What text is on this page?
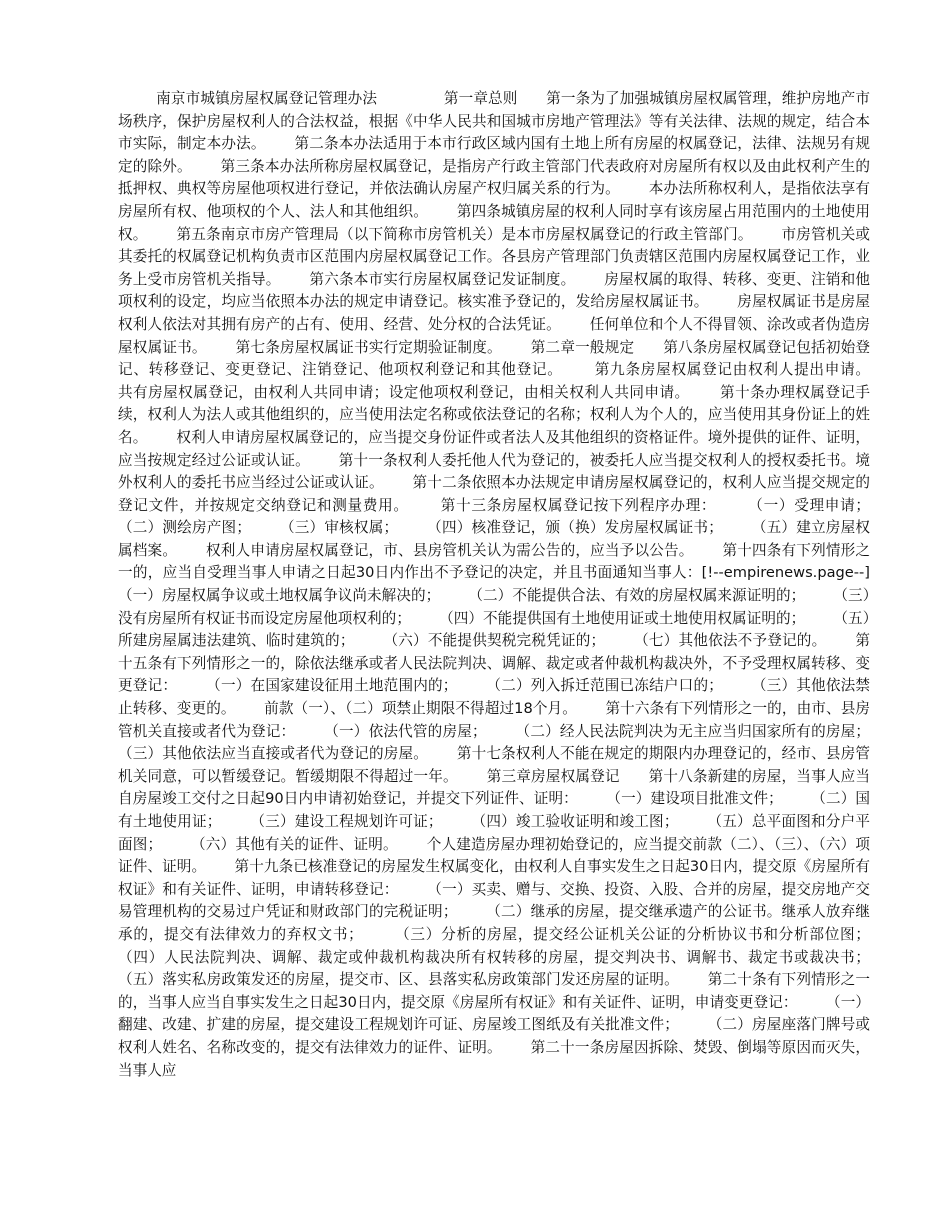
南京市城镇房屋权属登记管理办法              第一章总则      第一条为了加强城镇房屋权属管理，维护房地产市场秩序，保护房屋权利人的合法权益，根据《中华人民共和国城市房地产管理法》等有关法律、法规的规定，结合本市实际，制定本办法。      第二条本办法适用于本市行政区域内国有土地上所有房屋的权属登记，法律、法规另有规定的除外。      第三条本办法所称房屋权属登记，是指房产行政主管部门代表政府对房屋所有权以及由此权利产生的抵押权、典权等房屋他项权进行登记，并依法确认房屋产权归属关系的行为。      本办法所称权利人，是指依法享有房屋所有权、他项权的个人、法人和其他组织。      第四条城镇房屋的权利人同时享有该房屋占用范围内的土地使用权。      第五条南京市房产管理局（以下简称市房管机关）是本市房屋权属登记的行政主管部门。      市房管机关或其委托的权属登记机构负责市区范围内房屋权属登记工作。各县房产管理部门负责辖区范围内房屋权属登记工作，业务上受市房管机关指导。      第六条本市实行房屋权属登记发证制度。      房屋权属的取得、转移、变更、注销和他项权利的设定，均应当依照本办法的规定申请登记。核实准予登记的，发给房屋权属证书。      房屋权属证书是房屋权利人依法对其拥有房产的占有、使用、经营、处分权的合法凭证。      任何单位和个人不得冒领、涂改或者伪造房屋权属证书。      第七条房屋权属证书实行定期验证制度。      第二章一般规定      第八条房屋权属登记包括初始登记、转移登记、变更登记、注销登记、他项权利登记和其他登记。      第九条房屋权属登记由权利人提出申请。      共有房屋权属登记，由权利人共同申请；设定他项权利登记，由相关权利人共同申请。      第十条办理权属登记手续，权利人为法人或其他组织的，应当使用法定名称或依法登记的名称；权利人为个人的，应当使用其身份证上的姓名。      权利人申请房屋权属登记的，应当提交身份证件或者法人及其他组织的资格证件。境外提供的证件、证明，应当按规定经过公证或认证。      第十一条权利人委托他人代为登记的，被委托人应当提交权利人的授权委托书。境外权利人的委托书应当经过公证或认证。      第十二条依照本办法规定申请房屋权属登记的，权利人应当提交规定的登记文件，并按规定交纳登记和测量费用。      第十三条房屋权属登记按下列程序办理：      （一）受理申请；      （二）测绘房产图；      （三）审核权属；      （四）核准登记，颁（换）发房屋权属证书；      （五）建立房屋权属档案。      权利人申请房屋权属登记，市、县房管机关认为需公告的，应当予以公告。      第十四条有下列情形之一的，应当自受理当事人申请之日起30日内作出不予登记的决定，并且书面通知当事人：[!--empirenews.page--]      （一）房屋权属争议或土地权属争议尚未解决的；      （二）不能提供合法、有效的房屋权属来源证明的；      （三）没有房屋所有权证书而设定房屋他项权利的；      （四）不能提供国有土地使用证或土地使用权属证明的；      （五）所建房屋属违法建筑、临时建筑的；      （六）不能提供契税完税凭证的；      （七）其他依法不予登记的。      第十五条有下列情形之一的，除依法继承或者人民法院判决、调解、裁定或者仲裁机构裁决外，不予受理权属转移、变更登记：      （一）在国家建设征用土地范围内的；      （二）列入拆迁范围已冻结户口的；      （三）其他依法禁止转移、变更的。      前款（一）、（二）项禁止期限不得超过18个月。      第十六条有下列情形之一的，由市、县房管机关直接或者代为登记：      （一）依法代管的房屋；      （二）经人民法院判决为无主应当归国家所有的房屋；      （三）其他依法应当直接或者代为登记的房屋。      第十七条权利人不能在规定的期限内办理登记的，经市、县房管机关同意，可以暂缓登记。暂缓期限不得超过一年。      第三章房屋权属登记      第十八条新建的房屋，当事人应当自房屋竣工交付之日起90日内申请初始登记，并提交下列证件、证明：      （一）建设项目批准文件；      （二）国有土地使用证；      （三）建设工程规划许可证；      （四）竣工验收证明和竣工图；      （五）总平面图和分户平面图；      （六）其他有关的证件、证明。      个人建造房屋办理初始登记的，应当提交前款（二）、（三）、（六）项证件、证明。      第十九条已核准登记的房屋发生权属变化，由权利人自事实发生之日起30日内，提交原《房屋所有权证》和有关证件、证明，申请转移登记：      （一）买卖、赠与、交换、投资、入股、合并的房屋，提交房地产交易管理机构的交易过户凭证和财政部门的完税证明；      （二）继承的房屋，提交继承遗产的公证书。继承人放弃继承的，提交有法律效力的弃权文书；      （三）分析的房屋，提交经公证机关公证的分析协议书和分析部位图；      （四）人民法院判决、调解、裁定或仲裁机构裁决所有权转移的房屋，提交判决书、调解书、裁定书或裁决书；      （五）落实私房政策发还的房屋，提交市、区、县落实私房政策部门发还房屋的证明。      第二十条有下列情形之一的，当事人应当自事实发生之日起30日内，提交原《房屋所有权证》和有关证件、证明，申请变更登记：      （一）翻建、改建、扩建的房屋，提交建设工程规划许可证、房屋竣工图纸及有关批准文件；      （二）房屋座落门牌号或权利人姓名、名称改变的，提交有法律效力的证件、证明。      第二十一条房屋因拆除、焚毁、倒塌等原因而灭失，当事人应
